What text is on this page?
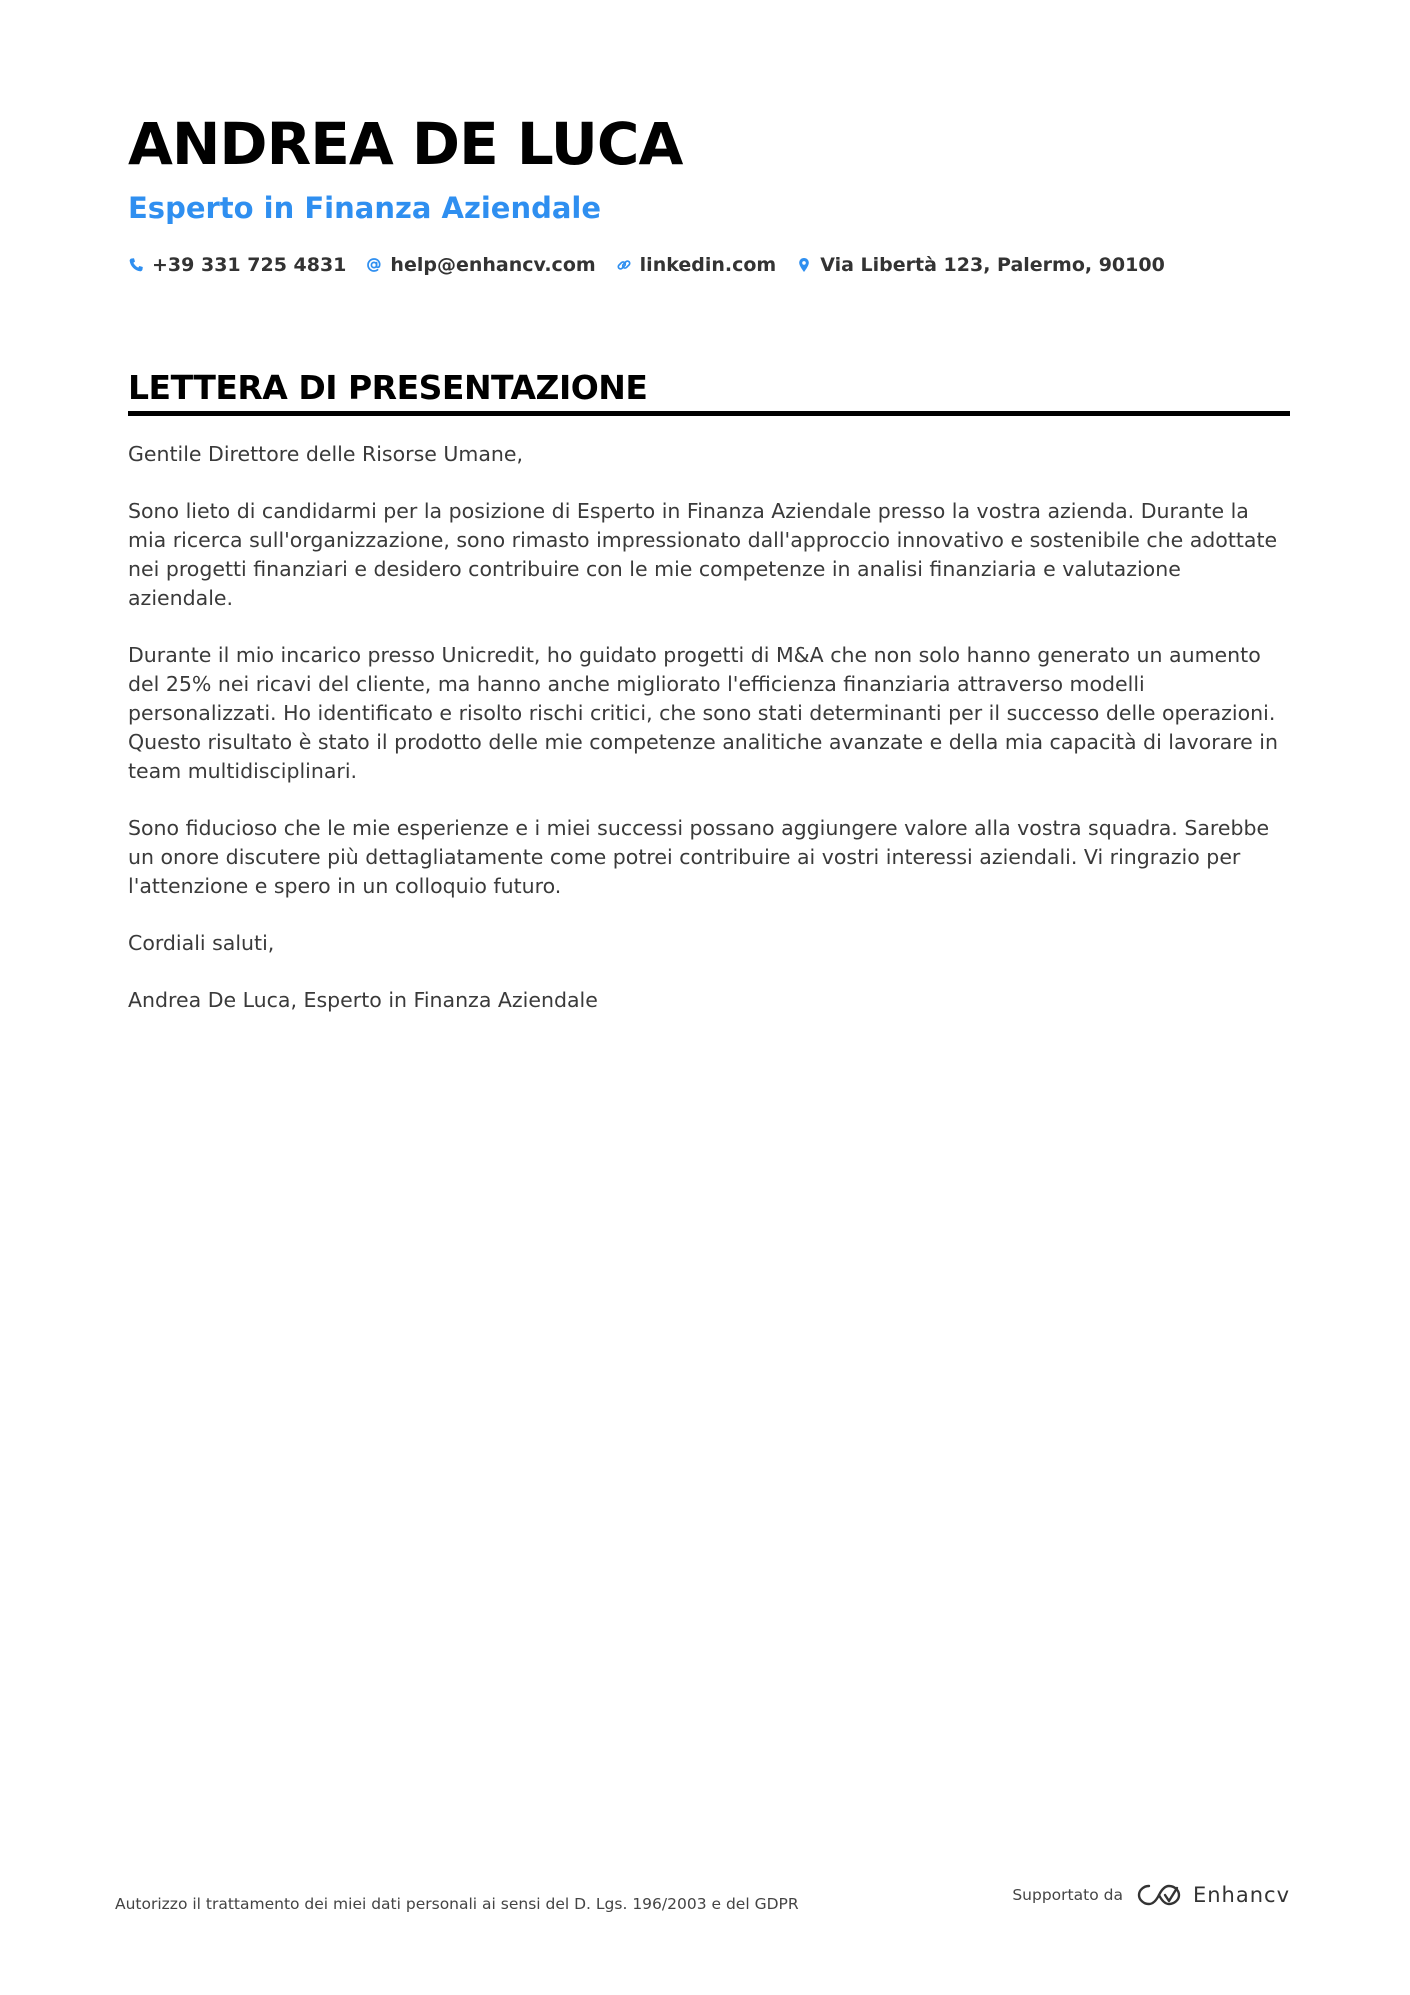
ANDREA DE LUCA
Esperto in Finanza Aziendale
+39 331 725 4831 help@enhancv.com linkedin.com Via Libertà 123, Palermo, 90100
LETTERA DI PRESENTAZIONE

Gentile Direttore delle Risorse Umane,

Sono lieto di candidarmi per la posizione di Esperto in Finanza Aziendale presso la vostra azienda. Durante la mia ricerca sull'organizzazione, sono rimasto impressionato dall'approccio innovativo e sostenibile che adottate nei progetti finanziari e desidero contribuire con le mie competenze in analisi finanziaria e valutazione aziendale.

Durante il mio incarico presso Unicredit, ho guidato progetti di M&A che non solo hanno generato un aumento del 25% nei ricavi del cliente, ma hanno anche migliorato l'efficienza finanziaria attraverso modelli personalizzati. Ho identificato e risolto rischi critici, che sono stati determinanti per il successo delle operazioni. Questo risultato è stato il prodotto delle mie competenze analitiche avanzate e della mia capacità di lavorare in team multidisciplinari.

Sono fiducioso che le mie esperienze e i miei successi possano aggiungere valore alla vostra squadra. Sarebbe un onore discutere più dettagliatamente come potrei contribuire ai vostri interessi aziendali. Vi ringrazio per l'attenzione e spero in un colloquio futuro.

Cordiali saluti,

Andrea De Luca, Esperto in Finanza Aziendale

Autorizzo il trattamento dei miei dati personali ai sensi del D. Lgs. 196/2003 e del GDPR	Supportato da	Enhancv
